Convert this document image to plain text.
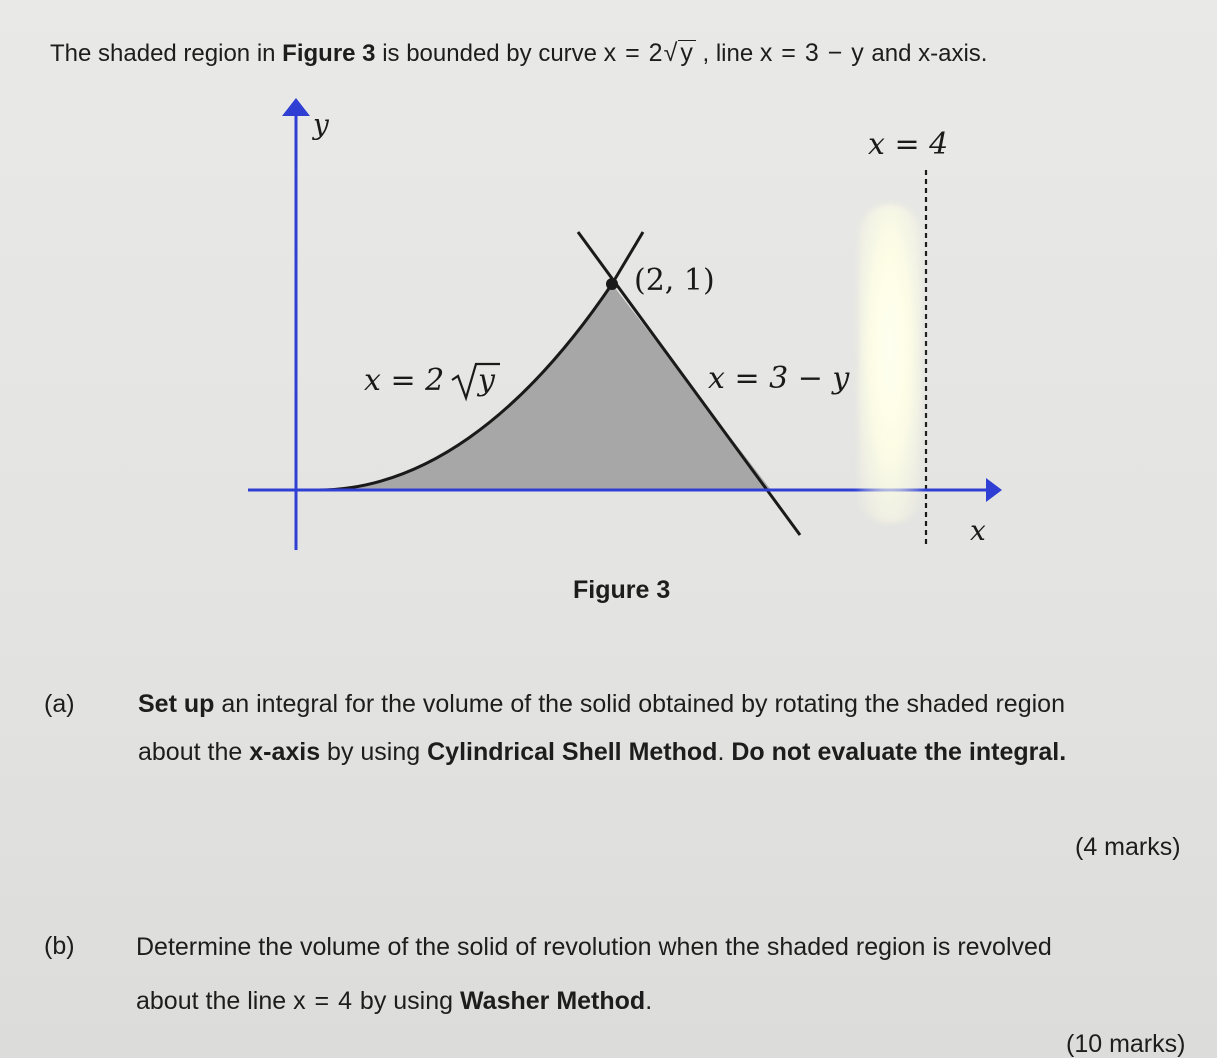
The shaded region in Figure 3 is bounded by curve x = 2√y , line x = 3 − y and x-axis.
y
x
x = 4
(2, 1)
x = 3 − y
x = 2 y
Figure 3
(a)	Set up an integral for the volume of the solid obtained by rotating the shaded region
about the x-axis by using Cylindrical Shell Method. Do not evaluate the integral.
(4 marks)
(b) Determine the volume of the solid of revolution when the shaded region is revolved
about the line x = 4 by using Washer Method.
(10 marks)
